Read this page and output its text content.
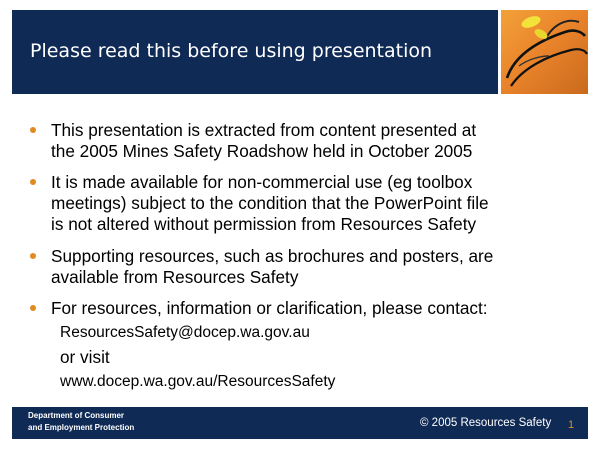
Please read this before using presentation
This presentation is extracted from content presented at
the 2005 Mines Safety Roadshow held in October 2005
It is made available for non-commercial use (eg toolbox
meetings) subject to the condition that the PowerPoint file
is not altered without permission from Resources Safety
Supporting resources, such as brochures and posters, are
available from Resources Safety
For resources, information or clarification, please contact:
ResourcesSafety@docep.wa.gov.au
or visit
www.docep.wa.gov.au/ResourcesSafety
Department of Consumer
and Employment Protection	© 2005 Resources Safety 1
